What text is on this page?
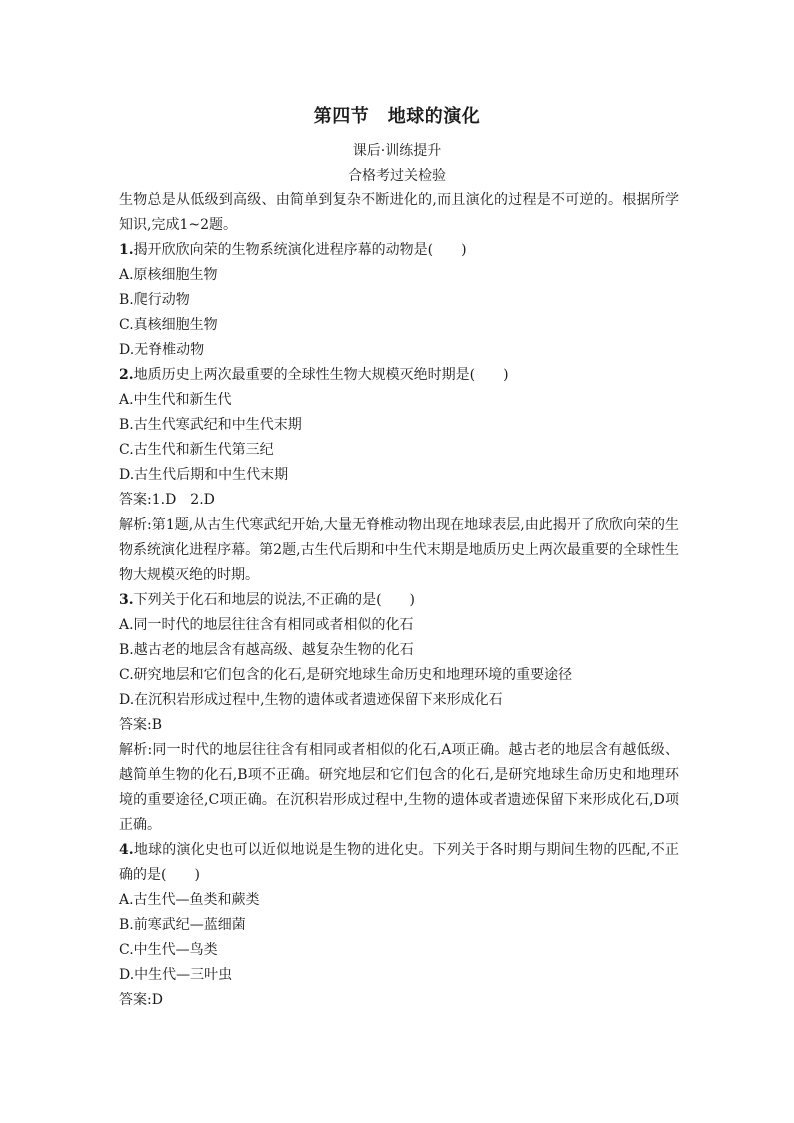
第四节　地球的演化
课后·训练提升
合格考过关检验
生物总是从低级到高级、由简单到复杂不断进化的,而且演化的过程是不可逆的。根据所学知识,完成1~2题。
1.揭开欣欣向荣的生物系统演化进程序幕的动物是(　　)
A.原核细胞生物
B.爬行动物
C.真核细胞生物
D.无脊椎动物
2.地质历史上两次最重要的全球性生物大规模灭绝时期是(　　)
A.中生代和新生代
B.古生代寒武纪和中生代末期
C.古生代和新生代第三纪
D.古生代后期和中生代末期
答案:1.D　2.D
解析:第1题,从古生代寒武纪开始,大量无脊椎动物出现在地球表层,由此揭开了欣欣向荣的生物系统演化进程序幕。第2题,古生代后期和中生代末期是地质历史上两次最重要的全球性生物大规模灭绝的时期。
3.下列关于化石和地层的说法,不正确的是(　　)
A.同一时代的地层往往含有相同或者相似的化石
B.越古老的地层含有越高级、越复杂生物的化石
C.研究地层和它们包含的化石,是研究地球生命历史和地理环境的重要途径
D.在沉积岩形成过程中,生物的遗体或者遗迹保留下来形成化石
答案:B
解析:同一时代的地层往往含有相同或者相似的化石,A项正确。越古老的地层含有越低级、越简单生物的化石,B项不正确。研究地层和它们包含的化石,是研究地球生命历史和地理环境的重要途径,C项正确。在沉积岩形成过程中,生物的遗体或者遗迹保留下来形成化石,D项正确。
4.地球的演化史也可以近似地说是生物的进化史。下列关于各时期与期间生物的匹配,不正确的是(　　)
A.古生代—鱼类和蕨类
B.前寒武纪—蓝细菌
C.中生代—鸟类
D.中生代—三叶虫
答案:D
